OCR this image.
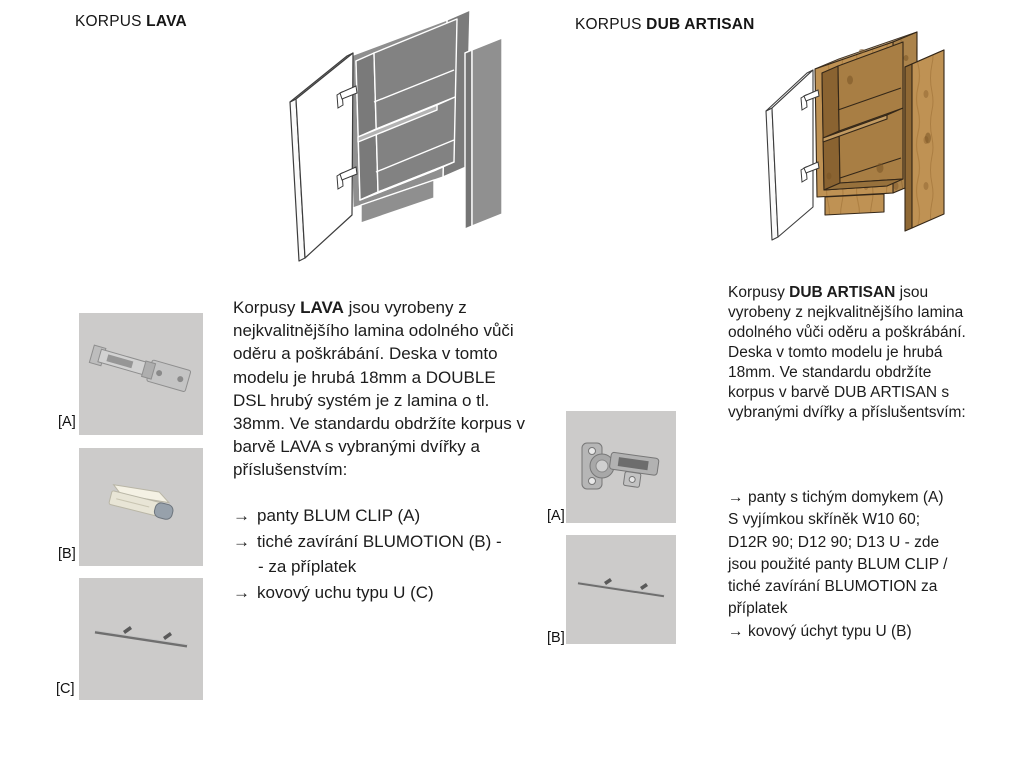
KORPUS LAVA	KORPUS DUB ARTISAN
[A]
[B]
[C]
[A]
[B]
Korpusy LAVA jsou vyrobeny z nejkvalitnějšího lamina odolného vůči oděru a poškrábání. Deska v tomto modelu je hrubá 18mm a DOUBLE DSL hrubý systém je z lamina o tl. 38mm. Ve standardu obdržíte korpus v barvě LAVA s vybranými dvířky a příslušenstvím:
→ panty BLUM CLIP (A)
→ tiché zavírání BLUMOTION (B) -
- za příplatek
→ kovový uchu typu U (C)
Korpusy DUB ARTISAN jsou vyrobeny z nejkvalitnějšího lamina odolného vůči oděru a poškrábání. Deska v tomto modelu je hrubá 18mm. Ve standardu obdržíte korpus v barvě DUB ARTISAN s vybranými dvířky a příslušentsvím:
→ panty s tichým domykem (A)
S vyjímkou skříněk W10 60;
D12R 90; D12 90; D13 U - zde
jsou použité panty BLUM CLIP /
tiché zavírání BLUMOTION za
příplatek
→ kovový úchyt typu U (B)
